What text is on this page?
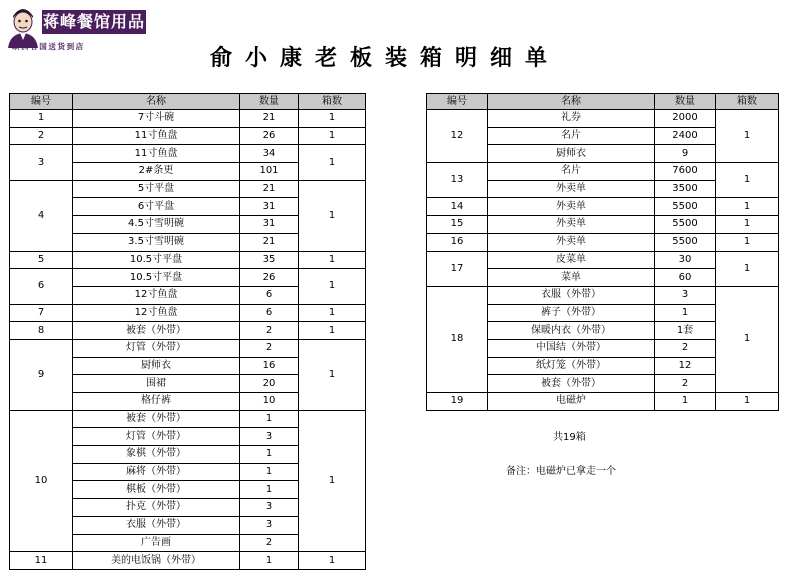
蒋峰餐馆用品
欧洲各国送货到店	俞小康老板装箱明细单
编号	名称	数量	箱数
1	7寸斗碗	21	1
2	11寸鱼盘	26	1
3	11寸鱼盘	34	1
	2#条更	101	
4	5寸平盘	21	1
	6寸平盘	31	
	4.5寸雪明碗	31	
	3.5寸雪明碗	21	
5	10.5寸平盘	35	1
6	10.5寸平盘	26	1
	12寸鱼盘	6	
7	12寸鱼盘	6	1
8	被套（外带）	2	1
9	灯管（外带）	2	1
	厨师衣	16	
	围裙	20	
	格仔裤	10	
10	被套（外带）	1	1
	灯管（外带）	3	
	象棋（外带）	1	
	麻将（外带）	1	
	棋板（外带）	1	
	扑克（外带）	3	
	衣服（外带）	3	
	广告画	2	
11	美的电饭锅（外带）	1	1
编号	名称	数量	箱数
12	礼券	2000	1
	名片	2400	
	厨师衣	9	
13	名片	7600	1
	外卖单	3500	
14	外卖单	5500	1
15	外卖单	5500	1
16	外卖单	5500	1
17	皮菜单	30	1
	菜单	60	
18	衣服（外带）	3	1
	裤子（外带）	1	
	保暖内衣（外带）	1套	
	中国结（外带）	2	
	纸灯笼（外带）	12	
	被套（外带）	2	
19	电磁炉	1	1
共19箱
备注：电磁炉已拿走一个
